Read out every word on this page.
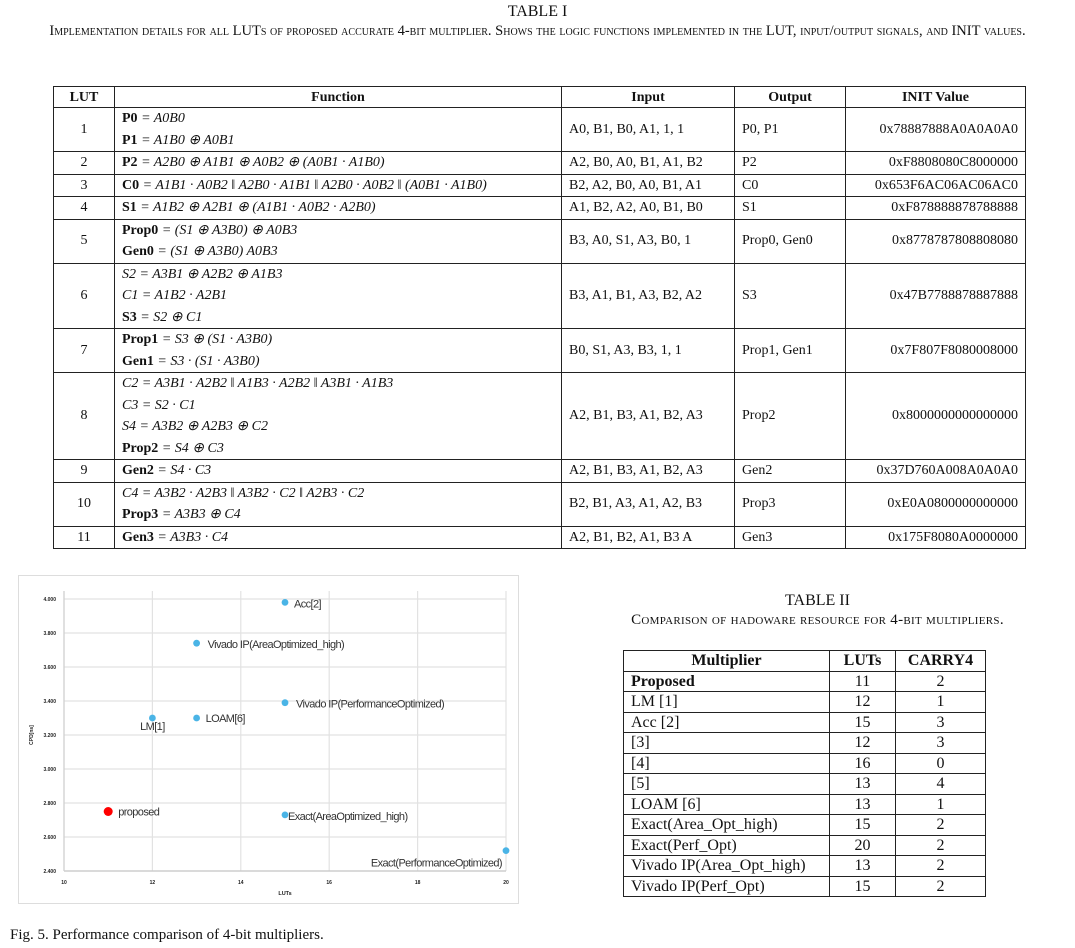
TABLE I
Implementation details for all LUTs of proposed accurate 4-bit multiplier. Shows the logic functions implemented in the LUT, input/output signals, and INIT values.
LUT	Function	Input	Output	INIT Value
1	P0 = A0B0
P1 = A1B0 ⊕ A0B1	A0, B1, B0, A1, 1, 1	P0, P1	0x78887888A0A0A0A0
2	P2 = A2B0 ⊕ A1B1 ⊕ A0B2 ⊕ (A0B1 · A1B0)	A2, B0, A0, B1, A1, B2	P2	0xF8808080C8000000
3	C0 = A1B1 · A0B2 ‖ A2B0 · A1B1 ‖ A2B0 · A0B2 ‖ (A0B1 · A1B0)	B2, A2, B0, A0, B1, A1	C0	0x653F6AC06AC06AC0
4	S1 = A1B2 ⊕ A2B1 ⊕ (A1B1 · A0B2 · A2B0)	A1, B2, A2, A0, B1, B0	S1	0xF878888878788888
5	Prop0 = (S1 ⊕ A3B0) ⊕ A0B3
Gen0 = (S1 ⊕ A3B0) A0B3	B3, A0, S1, A3, B0, 1	Prop0, Gen0	0x8778787808808080
6	S2 = A3B1 ⊕ A2B2 ⊕ A1B3
C1 = A1B2 · A2B1
S3 = S2 ⊕ C1	B3, A1, B1, A3, B2, A2	S3	0x47B7788878887888
7	Prop1 = S3 ⊕ (S1 · A3B0)
Gen1 = S3 · (S1 · A3B0)	B0, S1, A3, B3, 1, 1	Prop1, Gen1	0x7F807F8080008000
8	C2 = A3B1 · A2B2 ‖ A1B3 · A2B2 ‖ A3B1 · A1B3
C3 = S2 · C1
S4 = A3B2 ⊕ A2B3 ⊕ C2
Prop2 = S4 ⊕ C3	A2, B1, B3, A1, B2, A3	Prop2	0x8000000000000000
9	Gen2 = S4 · C3	A2, B1, B3, A1, B2, A3	Gen2	0x37D760A008A0A0A0
10	C4 = A3B2 · A2B3 ‖ A3B2 · C2 ‖ A2B3 · C2
Prop3 = A3B3 ⊕ C4	B2, B1, A3, A1, A2, B3	Prop3	0xE0A0800000000000
11	Gen3 = A3B3 · C4	A2, B1, B2, A1, B3 A	Gen3	0x175F8080A0000000
2.400
2.600
2.800
3.000
3.200
3.400
3.600
3.800
4.000
10	12	14	16	18	20
LUTs
CPD[ns]
proposed
Acc[2]
Vivado IP(AreaOptimized_high)
Vivado IP(PerformanceOptimized)
LM[1]
LOAM[6]
Exact(AreaOptimized_high)
Exact(PerformanceOptimized)
Fig. 5. Performance comparison of 4-bit multipliers.
TABLE II
Comparison of hadoware resource for 4-bit multipliers.
Multiplier	LUTs	CARRY4
Proposed	11	2
LM [1]	12	1
Acc [2]	15	3
[3]	12	3
[4]	16	0
[5]	13	4
LOAM [6]	13	1
Exact(Area_Opt_high)	15	2
Exact(Perf_Opt)	20	2
Vivado IP(Area_Opt_high)	13	2
Vivado IP(Perf_Opt)	15	2
